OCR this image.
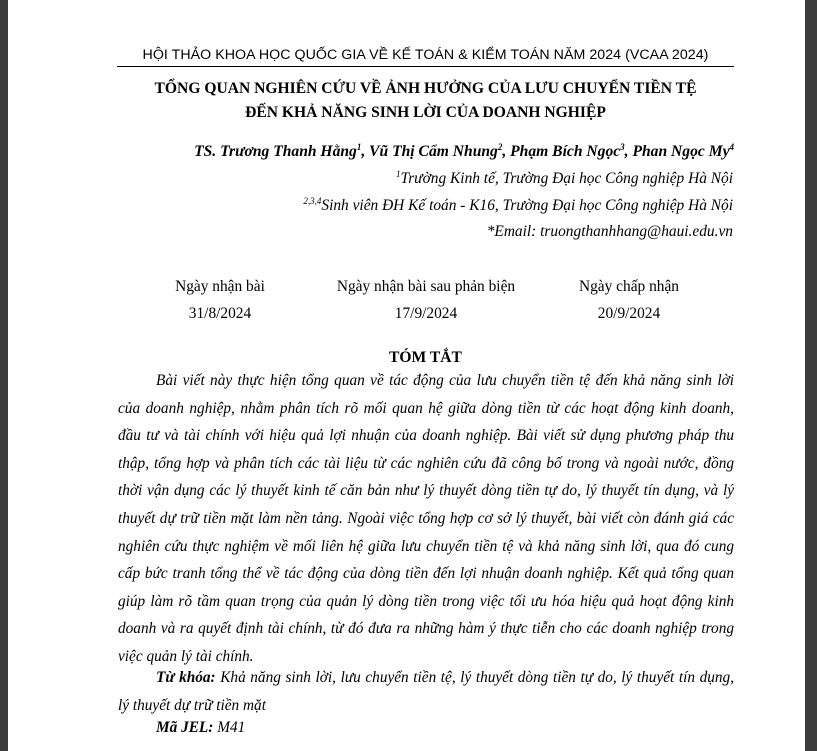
HỘI THẢO KHOA HỌC QUỐC GIA VỀ KẾ TOÁN & KIỂM TOÁN NĂM 2024 (VCAA 2024)
TỔNG QUAN NGHIÊN CỨU VỀ ẢNH HƯỞNG CỦA LƯU CHUYỂN TIỀN TỆ
ĐẾN KHẢ NĂNG SINH LỜI CỦA DOANH NGHIỆP
TS. Trương Thanh Hằng$^1$, Vũ Thị Cẩm Nhung$^2$, Phạm Bích Ngọc$^3$, Phan Ngọc My$^4$
$^1$Trường Kinh tế, Trường Đại học Công nghiệp Hà Nội
$^{2,3,4}$Sinh viên ĐH Kế toán - K16, Trường Đại học Công nghiệp Hà Nội
*Email: truongthanhhang@haui.edu.vn
Ngày nhận bài
31/8/2024
Ngày nhận bài sau phản biện
17/9/2024
Ngày chấp nhận
20/9/2024
TÓM TẮT
Bài viết này thực hiện tổng quan về tác động của lưu chuyển tiền tệ đến khả năng sinh lời
của doanh nghiệp, nhằm phân tích rõ mối quan hệ giữa dòng tiền từ các hoạt động kinh doanh,
đầu tư và tài chính với hiệu quả lợi nhuận của doanh nghiệp. Bài viết sử dụng phương pháp thu
thập, tổng hợp và phân tích các tài liệu từ các nghiên cứu đã công bố trong và ngoài nước, đồng
thời vận dụng các lý thuyết kinh tế căn bản như lý thuyết dòng tiền tự do, lý thuyết tín dụng, và lý
thuyết dự trữ tiền mặt làm nền tảng. Ngoài việc tổng hợp cơ sở lý thuyết, bài viết còn đánh giá các
nghiên cứu thực nghiệm về mối liên hệ giữa lưu chuyển tiền tệ và khả năng sinh lời, qua đó cung
cấp bức tranh tổng thể về tác động của dòng tiền đến lợi nhuận doanh nghiệp. Kết quả tổng quan
giúp làm rõ tầm quan trọng của quản lý dòng tiền trong việc tối ưu hóa hiệu quả hoạt động kinh
doanh và ra quyết định tài chính, từ đó đưa ra những hàm ý thực tiễn cho các doanh nghiệp trong
việc quản lý tài chính.
Từ khóa: Khả năng sinh lời, lưu chuyển tiền tệ, lý thuyết dòng tiền tự do, lý thuyết tín dụng,
lý thuyết dự trữ tiền mặt
Mã JEL: M41
